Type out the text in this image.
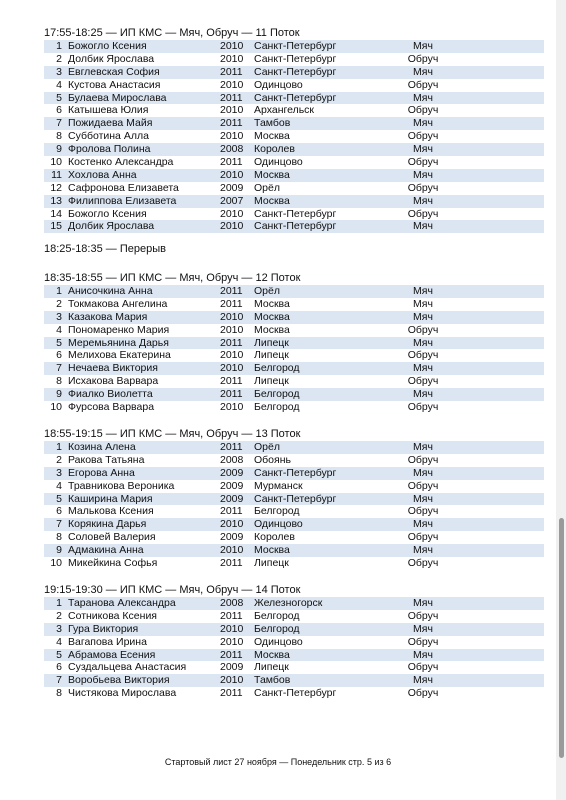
17:55-18:25 — ИП КМС — Мяч, Обруч — 11 Поток
1 Божогло Ксения	2010 Санкт-Петербург	Мяч
2 Долбик Ярослава	2010 Санкт-Петербург	Обруч
3 Евглевская София	2011 Санкт-Петербург	Мяч
4 Кустова Анастасия	2010 Одинцово	Обруч
5 Булаева Мирослава	2011 Санкт-Петербург	Мяч
6 Катышева Юлия	2010 Архангельск	Обруч
7 Пожидаева Майя	2011 Тамбов	Мяч
8 Субботина Алла	2010 Москва	Обруч
9 Фролова Полина	2008 Королев	Мяч
10 Костенко Александра	2011 Одинцово	Обруч
11 Хохлова Анна	2010 Москва	Мяч
12 Сафронова Елизавета	2009 Орёл	Обруч
13 Филиппова Елизавета	2007 Москва	Мяч
14 Божогло Ксения	2010 Санкт-Петербург	Обруч
15 Долбик Ярослава	2010 Санкт-Петербург	Мяч
18:25-18:35 — Перерыв
18:35-18:55 — ИП КМС — Мяч, Обруч — 12 Поток
1 Анисочкина Анна	2011 Орёл	Мяч
2 Токмакова Ангелина	2011 Москва	Мяч
3 Казакова Мария	2010 Москва	Мяч
4 Пономаренко Мария	2010 Москва	Обруч
5 Меремьянина Дарья	2011 Липецк	Мяч
6 Мелихова Екатерина	2010 Липецк	Обруч
7 Нечаева Виктория	2010 Белгород	Мяч
8 Исхакова Варвара	2011 Липецк	Обруч
9 Фиалко Виолетта	2011 Белгород	Мяч
10 Фурсова Варвара	2010 Белгород	Обруч
18:55-19:15 — ИП КМС — Мяч, Обруч — 13 Поток
1 Козина Алена	2011 Орёл	Мяч
2 Ракова Татьяна	2008 Обоянь	Обруч
3 Егорова Анна	2009 Санкт-Петербург	Мяч
4 Травникова Вероника	2009 Мурманск	Обруч
5 Каширина Мария	2009 Санкт-Петербург	Мяч
6 Малькова Ксения	2011 Белгород	Обруч
7 Корякина Дарья	2010 Одинцово	Мяч
8 Соловей Валерия	2009 Королев	Обруч
9 Адмакина Анна	2010 Москва	Мяч
10 Микейкина Софья	2011 Липецк	Обруч
19:15-19:30 — ИП КМС — Мяч, Обруч — 14 Поток
1 Таранова Александра	2008 Железногорск	Мяч
2 Сотникова Ксения	2011 Белгород	Обруч
3 Гура Виктория	2010 Белгород	Мяч
4 Вагапова Ирина	2010 Одинцово	Обруч
5 Абрамова Есения	2011 Москва	Мяч
6 Суздальцева Анастасия	2009 Липецк	Обруч
7 Воробьева Виктория	2010 Тамбов	Мяч
8 Чистякова Мирослава	2011 Санкт-Петербург	Обруч
Стартовый лист 27 ноября — Понедельник стр. 5 из 6
